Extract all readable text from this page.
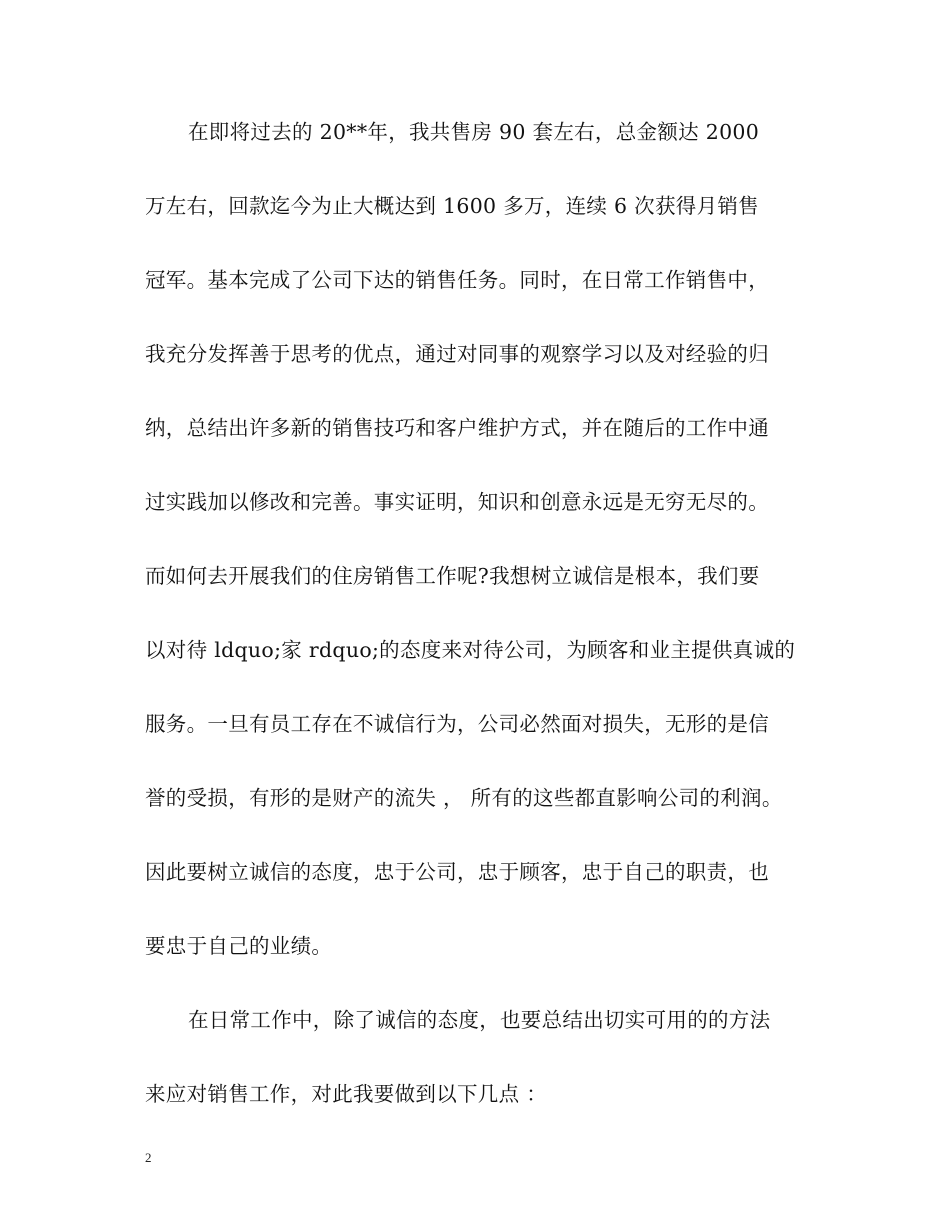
在即将过去的 20**年，我共售房 90 套左右，总金额达 2000
万左右，回款迄今为止大概达到 1600 多万，连续 6 次获得月销售
冠军。基本完成了公司下达的销售任务。同时，在日常工作销售中，
我充分发挥善于思考的优点，通过对同事的观察学习以及对经验的归
纳，总结出许多新的销售技巧和客户维护方式，并在随后的工作中通
过实践加以修改和完善。事实证明，知识和创意永远是无穷无尽的。
而如何去开展我们的住房销售工作呢?我想树立诚信是根本，我们要
以对待 ldquo;家 rdquo;的态度来对待公司，为顾客和业主提供真诚的
服务。一旦有员工存在不诚信行为，公司必然面对损失，无形的是信
誉的受损，有形的是财产的流失 ， 所有的这些都直影响公司的利润。
因此要树立诚信的态度，忠于公司，忠于顾客，忠于自己的职责，也
要忠于自己的业绩。
在日常工作中，除了诚信的态度，也要总结出切实可用的的方法
来应对销售工作，对此我要做到以下几点 ：
2
